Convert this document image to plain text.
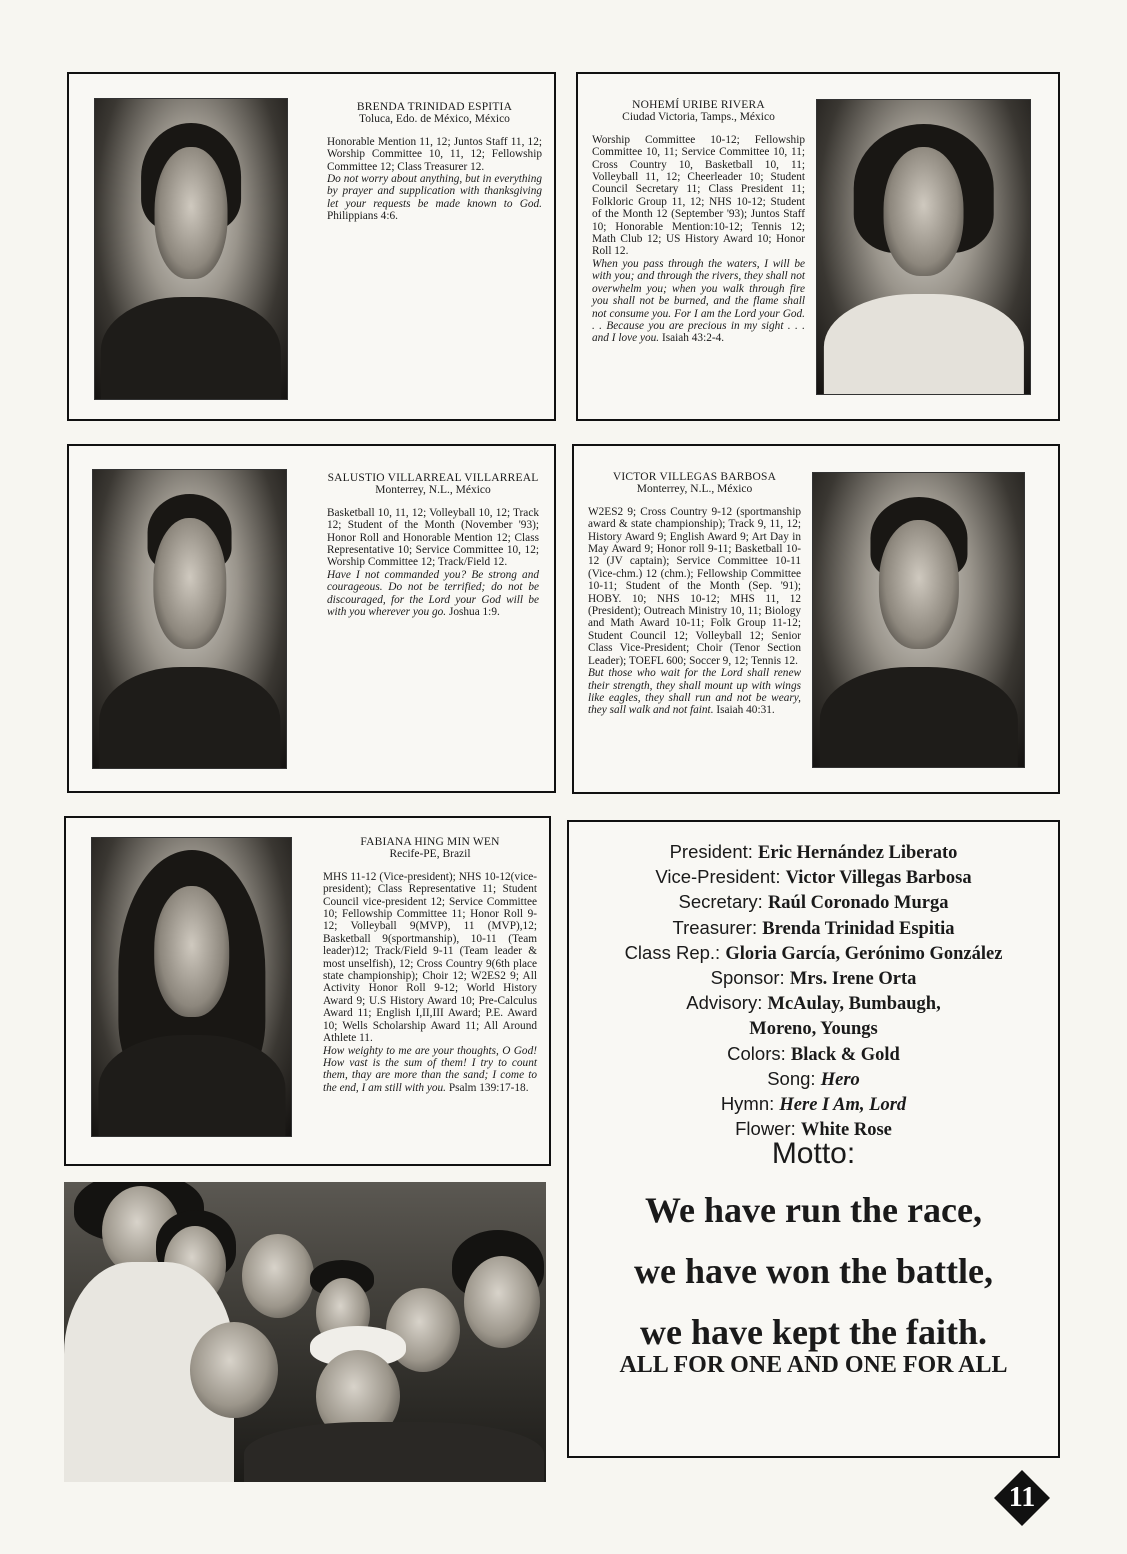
BRENDA TRINIDAD ESPITIA
Toluca, Edo. de México, México
Honorable Mention 11, 12; Juntos Staff 11, 12; Worship Committee 10, 11, 12; Fellowship Committee 12; Class Treasurer 12.
Do not worry about anything, but in everything by prayer and supplication with thanksgiving let your requests be made known to God. Philippians 4:6.
NOHEMÍ URIBE RIVERA
Ciudad Victoria, Tamps., México
Worship Committee 10-12; Fellowship Committee 10, 11; Service Committee 10, 11; Cross Country 10, Basketball 10, 11; Volleyball 11, 12; Cheerleader 10; Student Council Secretary 11; Class President 11; Folkloric Group 11, 12; NHS 10-12; Student of the Month 12 (September '93); Juntos Staff 10; Honorable Mention:10-12; Tennis 12; Math Club 12; US History Award 10; Honor Roll 12.
When you pass through the waters, I will be with you; and through the rivers, they shall not overwhelm you; when you walk through fire you shall not be burned, and the flame shall not consume you. For I am the Lord your God. . . Because you are precious in my sight . . . and I love you. Isaiah 43:2-4.
SALUSTIO VILLARREAL VILLARREAL
Monterrey, N.L., México
Basketball 10, 11, 12; Volleyball 10, 12; Track 12; Student of the Month (November '93); Honor Roll and Honorable Mention 12; Class Representative 10; Service Committee 10, 12; Worship Committee 12; Track/Field 12.
Have I not commanded you? Be strong and courageous. Do not be terrified; do not be discouraged, for the Lord your God will be with you wherever you go. Joshua 1:9.
VICTOR VILLEGAS BARBOSA
Monterrey, N.L., México
W2ES2 9; Cross Country 9-12 (sportmanship award & state championship); Track 9, 11, 12; History Award 9; English Award 9; Art Day in May Award 9; Honor roll 9-11; Basketball 10-12 (JV captain); Service Committee 10-11 (Vice-chm.) 12 (chm.); Fellowship Committee 10-11; Student of the Month (Sep. '91); HOBY. 10; NHS 10-12; MHS 11, 12 (President); Outreach Ministry 10, 11; Biology and Math Award 10-11; Folk Group 11-12; Student Council 12; Volleyball 12; Senior Class Vice-President; Choir (Tenor Section Leader); TOEFL 600; Soccer 9, 12; Tennis 12.
But those who wait for the Lord shall renew their strength, they shall mount up with wings like eagles, they shall run and not be weary, they sall walk and not faint. Isaiah 40:31.
FABIANA HING MIN WEN
Recife-PE, Brazil
MHS 11-12 (Vice-president); NHS 10-12(vice-president); Class Representative 11; Student Council vice-president 12; Service Committee 10; Fellowship Committee 11; Honor Roll 9-12; Volleyball 9(MVP), 11 (MVP),12; Basketball 9(sportmanship), 10-11 (Team leader)12; Track/Field 9-11 (Team leader & most unselfish), 12; Cross Country 9(6th place state championship); Choir 12; W2ES2 9; All Activity Honor Roll 9-12; World History Award 9; U.S History Award 10; Pre-Calculus Award 11; English I,II,III Award; P.E. Award 10; Wells Scholarship Award 11; All Around Athlete 11.
How weighty to me are your thoughts, O God! How vast is the sum of them! I try to count them, thay are more than the sand; I come to the end, I am still with you. Psalm 139:17-18.
President: Eric Hernández Liberato
Vice-President: Victor Villegas Barbosa
Secretary: Raúl Coronado Murga
Treasurer: Brenda Trinidad Espitia
Class Rep.: Gloria García, Gerónimo González
Sponsor: Mrs. Irene Orta
Advisory: McAulay, Bumbaugh,
Moreno, Youngs
Colors: Black & Gold
Song: Hero
Hymn: Here I Am, Lord
Flower: White Rose
Motto:
We have run the race,
we have won the battle,
we have kept the faith.
ALL FOR ONE AND ONE FOR ALL
11
